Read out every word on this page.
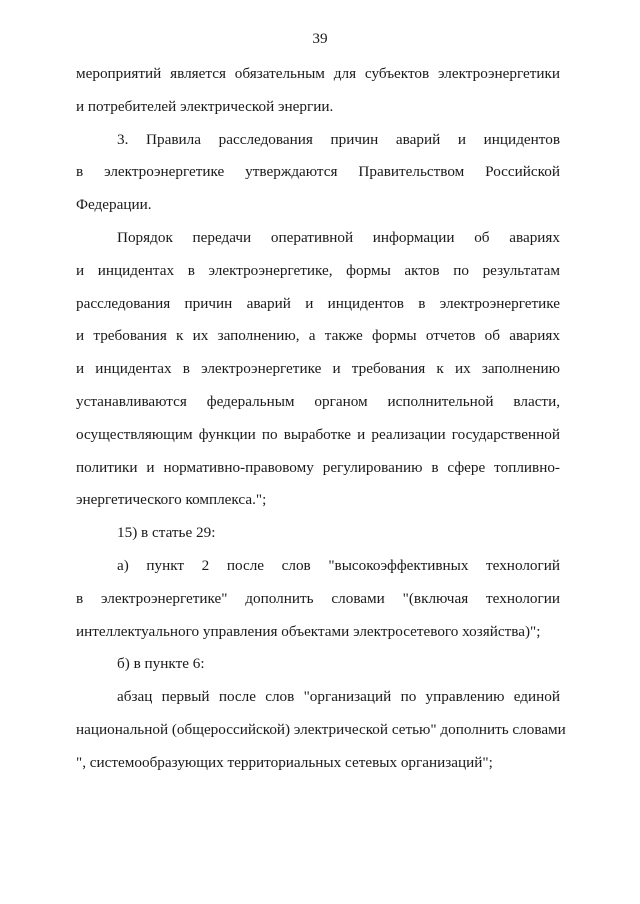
39
мероприятий является обязательным для субъектов электроэнергетики
и потребителей электрической энергии.
3. Правила расследования причин аварий и инцидентов
в электроэнергетике утверждаются Правительством Российской
Федерации.
Порядок передачи оперативной информации об авариях
и инцидентах в электроэнергетике, формы актов по результатам
расследования причин аварий и инцидентов в электроэнергетике
и требования к их заполнению, а также формы отчетов об авариях
и инцидентах в электроэнергетике и требования к их заполнению
устанавливаются федеральным органом исполнительной власти,
осуществляющим функции по выработке и реализации государственной
политики и нормативно-правовому регулированию в сфере топливно-
энергетического комплекса.";
15) в статье 29:
а) пункт 2 после слов "высокоэффективных технологий
в электроэнергетике" дополнить словами "(включая технологии
интеллектуального управления объектами электросетевого хозяйства)";
б) в пункте 6:
абзац первый после слов "организаций по управлению единой
национальной (общероссийской) электрической сетью" дополнить словами
", системообразующих территориальных сетевых организаций";
